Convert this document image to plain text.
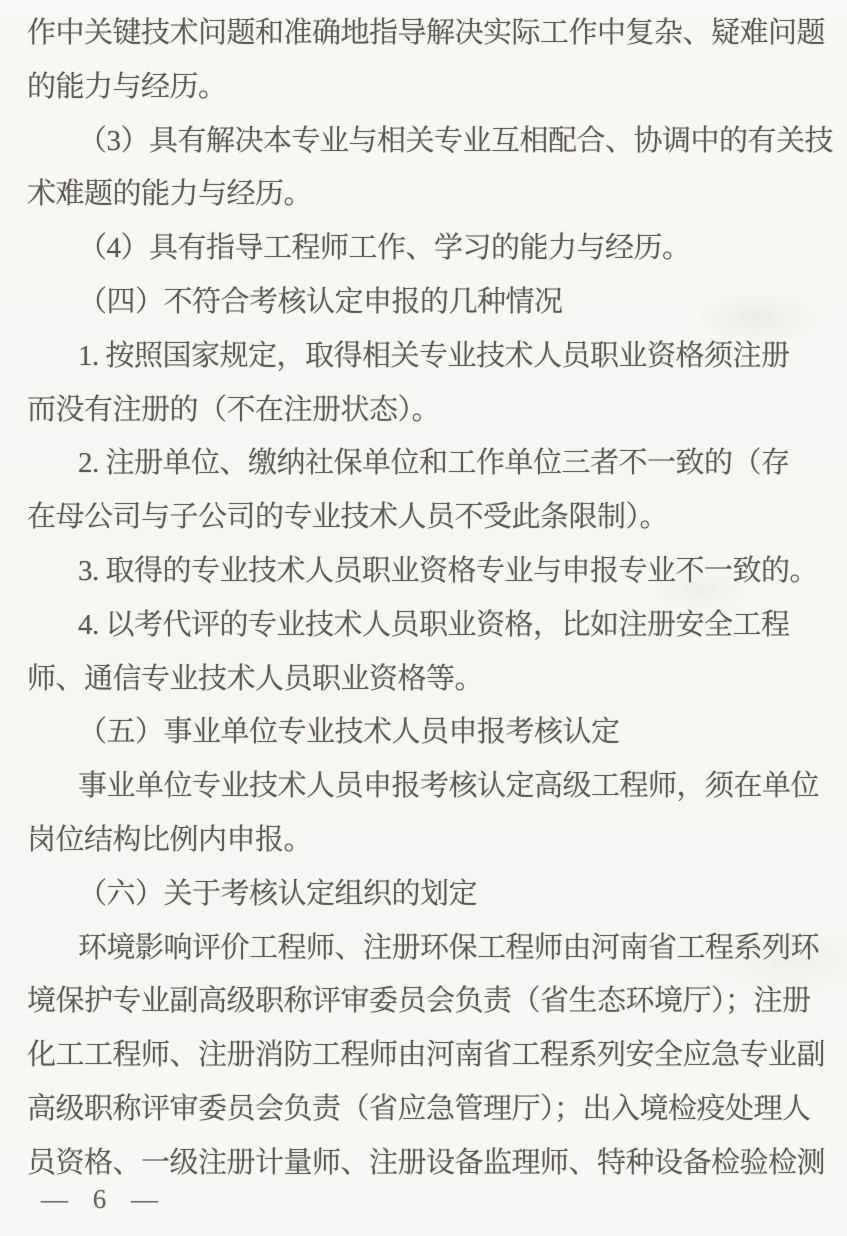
作中关键技术问题和准确地指导解决实际工作中复杂、疑难问题
的能力与经历。
（3）具有解决本专业与相关专业互相配合、协调中的有关技
术难题的能力与经历。
（4）具有指导工程师工作、学习的能力与经历。
（四）不符合考核认定申报的几种情况
1. 按照国家规定，取得相关专业技术人员职业资格须注册
而没有注册的（不在注册状态）。
2. 注册单位、缴纳社保单位和工作单位三者不一致的（存
在母公司与子公司的专业技术人员不受此条限制）。
3. 取得的专业技术人员职业资格专业与申报专业不一致的。
4. 以考代评的专业技术人员职业资格，比如注册安全工程
师、通信专业技术人员职业资格等。
（五）事业单位专业技术人员申报考核认定
事业单位专业技术人员申报考核认定高级工程师，须在单位
岗位结构比例内申报。
（六）关于考核认定组织的划定
环境影响评价工程师、注册环保工程师由河南省工程系列环
境保护专业副高级职称评审委员会负责（省生态环境厅）；注册
化工工程师、注册消防工程师由河南省工程系列安全应急专业副
高级职称评审委员会负责（省应急管理厅）；出入境检疫处理人
员资格、一级注册计量师、注册设备监理师、特种设备检验检测
— 6 —
